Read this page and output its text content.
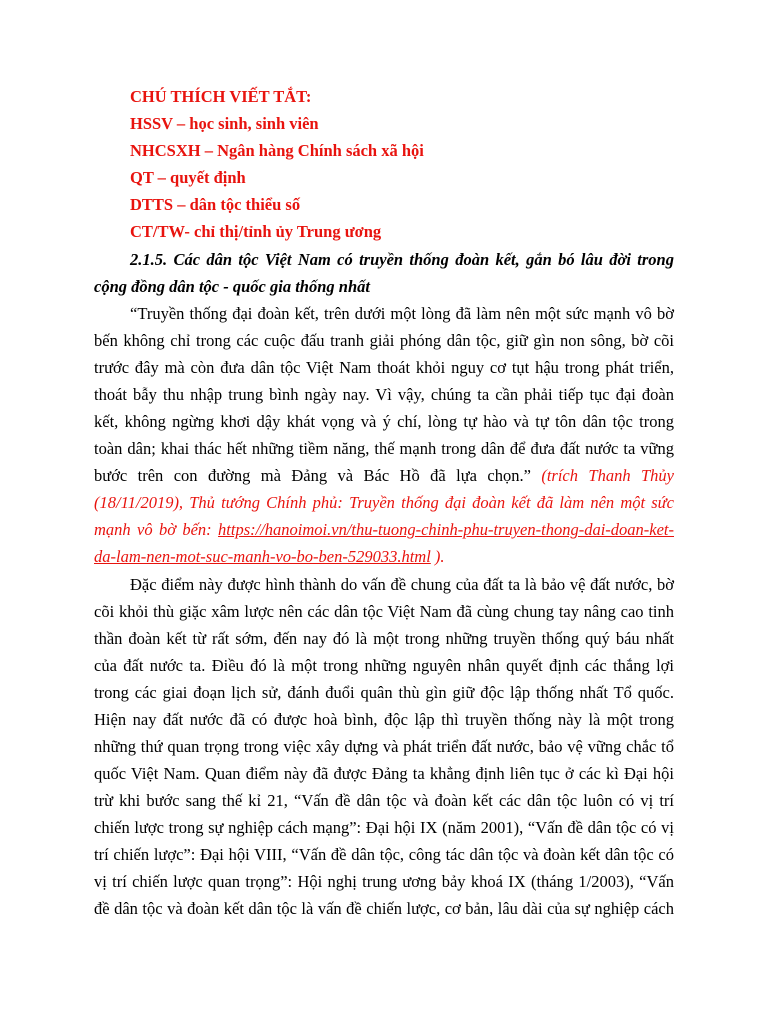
CHÚ THÍCH VIẾT TẮT:
HSSV – học sinh, sinh viên
NHCSXH – Ngân hàng Chính sách xã hội
QT – quyết định
DTTS – dân tộc thiểu số
CT/TW- chỉ thị/tỉnh ủy Trung ương
2.1.5. Các dân tộc Việt Nam có truyền thống đoàn kết, gắn bó lâu đời trong
cộng đồng dân tộc - quốc gia thống nhất
“Truyền thống đại đoàn kết, trên dưới một lòng đã làm nên một sức mạnh vô bờ
bến không chỉ trong các cuộc đấu tranh giải phóng dân tộc, giữ gìn non sông, bờ cõi
trước đây mà còn đưa dân tộc Việt Nam thoát khỏi nguy cơ tụt hậu trong phát triển,
thoát bẫy thu nhập trung bình ngày nay. Vì vậy, chúng ta cần phải tiếp tục đại đoàn
kết, không ngừng khơi dậy khát vọng và ý chí, lòng tự hào và tự tôn dân tộc trong
toàn dân; khai thác hết những tiềm năng, thế mạnh trong dân để đưa đất nước ta vững
bước trên con đường mà Đảng và Bác Hồ đã lựa chọn.” (trích Thanh Thủy
(18/11/2019), Thủ tướng Chính phủ: Truyền thống đại đoàn kết đã làm nên một sức
mạnh vô bờ bến: https://hanoimoi.vn/thu-tuong-chinh-phu-truyen-thong-dai-doan-ket-
da-lam-nen-mot-suc-manh-vo-bo-ben-529033.html ).
Đặc điểm này được hình thành do vấn đề chung của đất ta là bảo vệ đất nước, bờ
cõi khỏi thù giặc xâm lược nên các dân tộc Việt Nam đã cùng chung tay nâng cao tinh
thần đoàn kết từ rất sớm, đến nay đó là một trong những truyền thống quý báu nhất
của đất nước ta. Điều đó là một trong những nguyên nhân quyết định các thắng lợi
trong các giai đoạn lịch sử, đánh đuổi quân thù gìn giữ độc lập thống nhất Tổ quốc.
Hiện nay đất nước đã có được hoà bình, độc lập thì truyền thống này là một trong
những thứ quan trọng trong việc xây dựng và phát triển đất nước, bảo vệ vững chắc tổ
quốc Việt Nam. Quan điểm này đã được Đảng ta khẳng định liên tục ở các kì Đại hội
trừ khi bước sang thế kỉ 21, “Vấn đề dân tộc và đoàn kết các dân tộc luôn có vị trí
chiến lược trong sự nghiệp cách mạng”: Đại hội IX (năm 2001), “Vấn đề dân tộc có vị
trí chiến lược”: Đại hội VIII, “Vấn đề dân tộc, công tác dân tộc và đoàn kết dân tộc có
vị trí chiến lược quan trọng”: Hội nghị trung ương bảy khoá IX (tháng 1/2003), “Vấn
đề dân tộc và đoàn kết dân tộc là vấn đề chiến lược, cơ bản, lâu dài của sự nghiệp cách
